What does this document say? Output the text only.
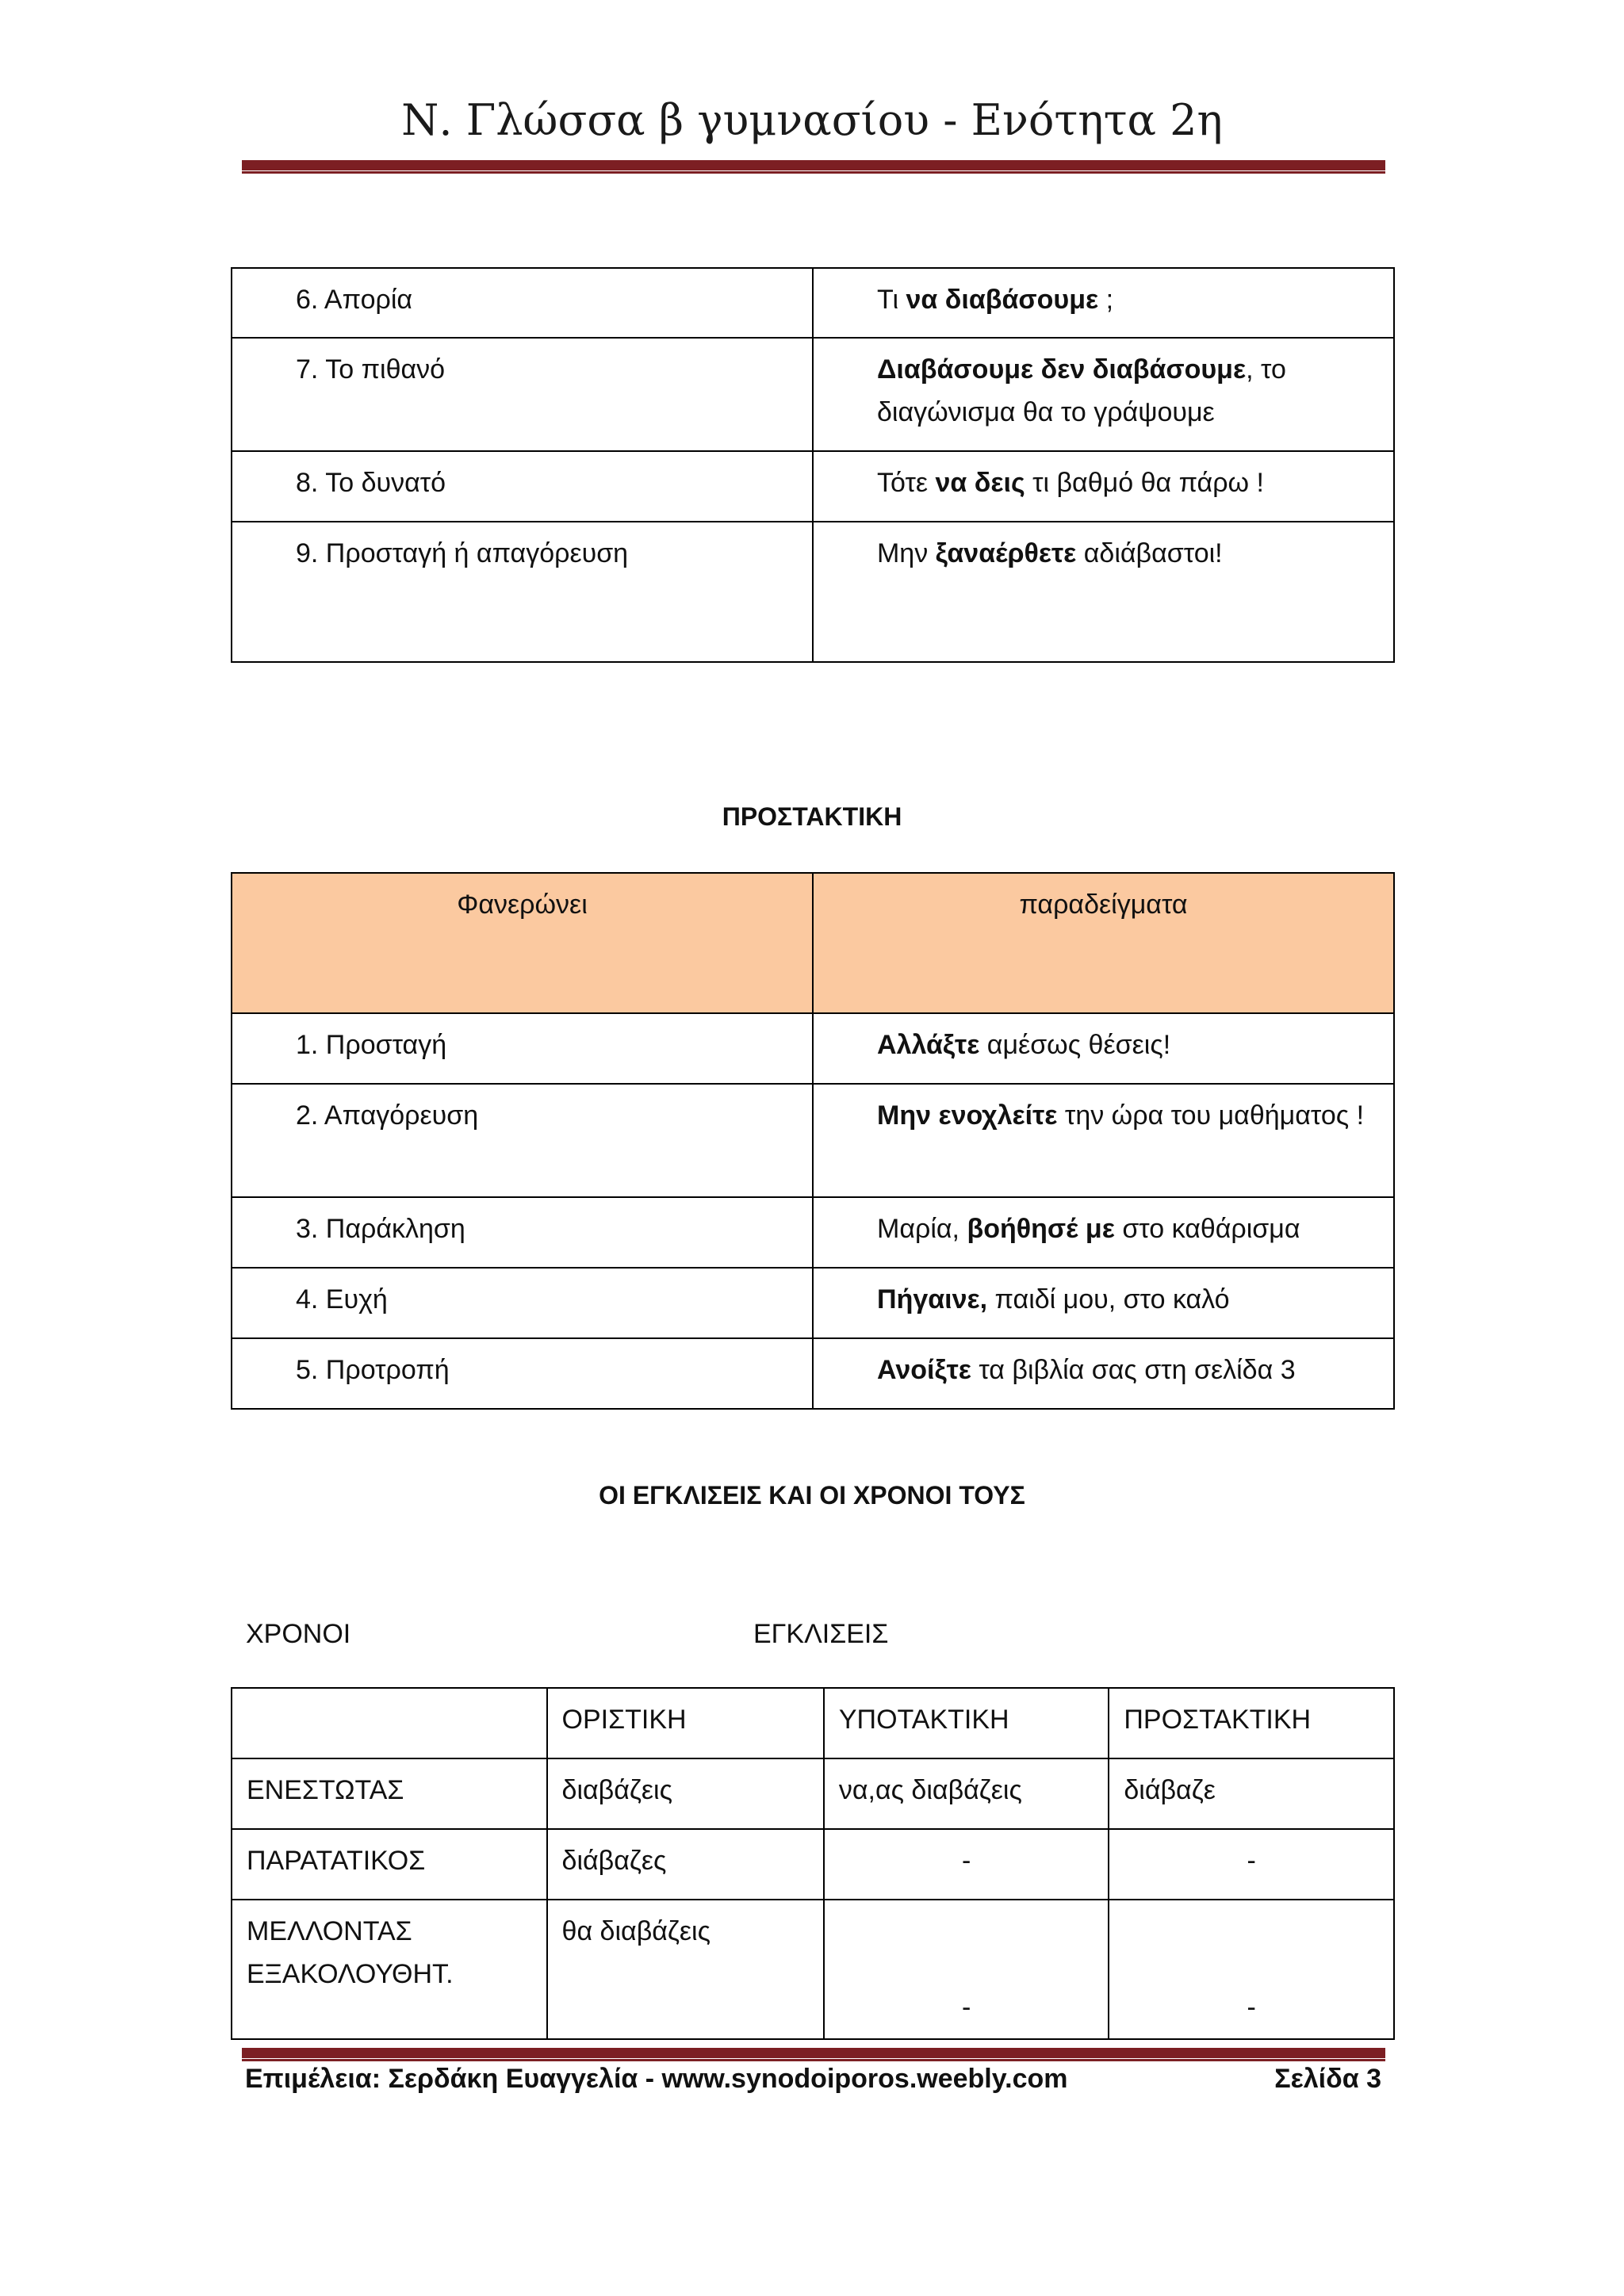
Ν. Γλώσσα β γυμνασίου - Ενότητα 2η
6. Απορία	Τι να διαβάσουμε ;
7. Το πιθανό	Διαβάσουμε δεν διαβάσουμε, το διαγώνισμα θα το γράψουμε
8. Το δυνατό	Τότε να δεις τι βαθμό θα πάρω !
9. Προσταγή ή απαγόρευση	Μην ξαναέρθετε αδιάβαστοι!
ΠΡΟΣΤΑΚΤΙΚΗ
Φανερώνει	παραδείγματα
1. Προσταγή	Αλλάξτε αμέσως θέσεις!
2. Απαγόρευση	Μην ενοχλείτε την ώρα του μαθήματος !
3. Παράκληση	Μαρία, βοήθησέ με στο καθάρισμα
4. Ευχή	Πήγαινε, παιδί μου, στο καλό
5. Προτροπή	Ανοίξτε τα βιβλία σας στη σελίδα 3
ΟΙ ΕΓΚΛΙΣΕΙΣ ΚΑΙ ΟΙ ΧΡΟΝΟΙ ΤΟΥΣ
ΧΡΟΝΟΙ	ΕΓΚΛΙΣΕΙΣ
	ΟΡΙΣΤΙΚΗ	ΥΠΟΤΑΚΤΙΚΗ	ΠΡΟΣΤΑΚΤΙΚΗ
ΕΝΕΣΤΩΤΑΣ	διαβάζεις	να,ας διαβάζεις	διάβαζε
ΠΑΡΑΤΑΤΙΚΟΣ	διάβαζες	-	-
ΜΕΛΛΟΝΤΑΣ ΕΞΑΚΟΛΟΥΘΗΤ.	θα διαβάζεις	-	-
Επιμέλεια: Σερδάκη Ευαγγελία - www.synodoiporos.weebly.com	Σελίδα 3
